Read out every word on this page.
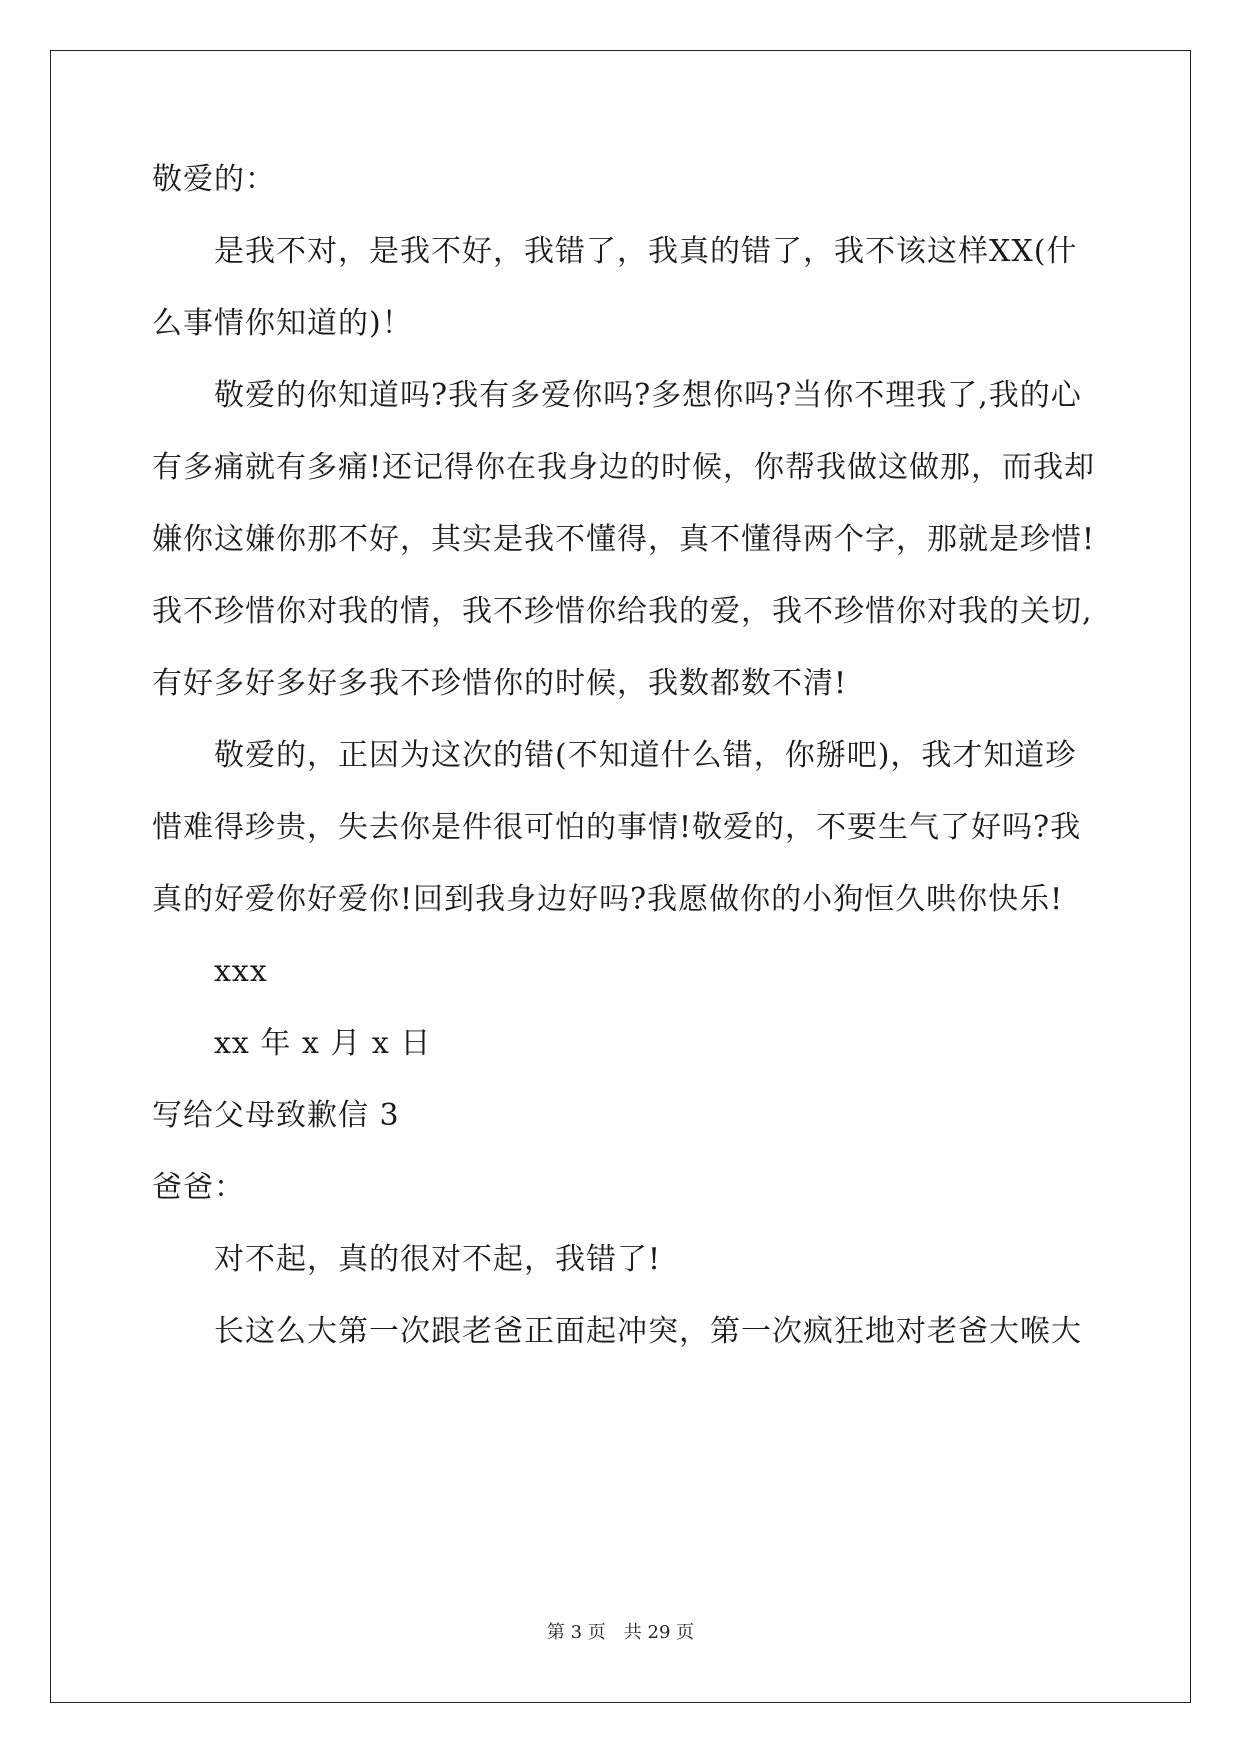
敬爱的：
是我不对，是我不好，我错了，我真的错了，我不该这样XX(什
么事情你知道的)！
敬爱的你知道吗?我有多爱你吗?多想你吗?当你不理我了,我的心
有多痛就有多痛!还记得你在我身边的时候，你帮我做这做那，而我却
嫌你这嫌你那不好，其实是我不懂得，真不懂得两个字，那就是珍惜!
我不珍惜你对我的情，我不珍惜你给我的爱，我不珍惜你对我的关切,
有好多好多好多我不珍惜你的时候，我数都数不清!
敬爱的，正因为这次的错(不知道什么错，你掰吧)，我才知道珍
惜难得珍贵，失去你是件很可怕的事情!敬爱的，不要生气了好吗?我
真的好爱你好爱你!回到我身边好吗?我愿做你的小狗恒久哄你快乐!
xxx
xx 年 x 月 x 日
写给父母致歉信 3
爸爸：
对不起，真的很对不起，我错了!
长这么大第一次跟老爸正面起冲突，第一次疯狂地对老爸大喉大
第 3 页　共 29 页
